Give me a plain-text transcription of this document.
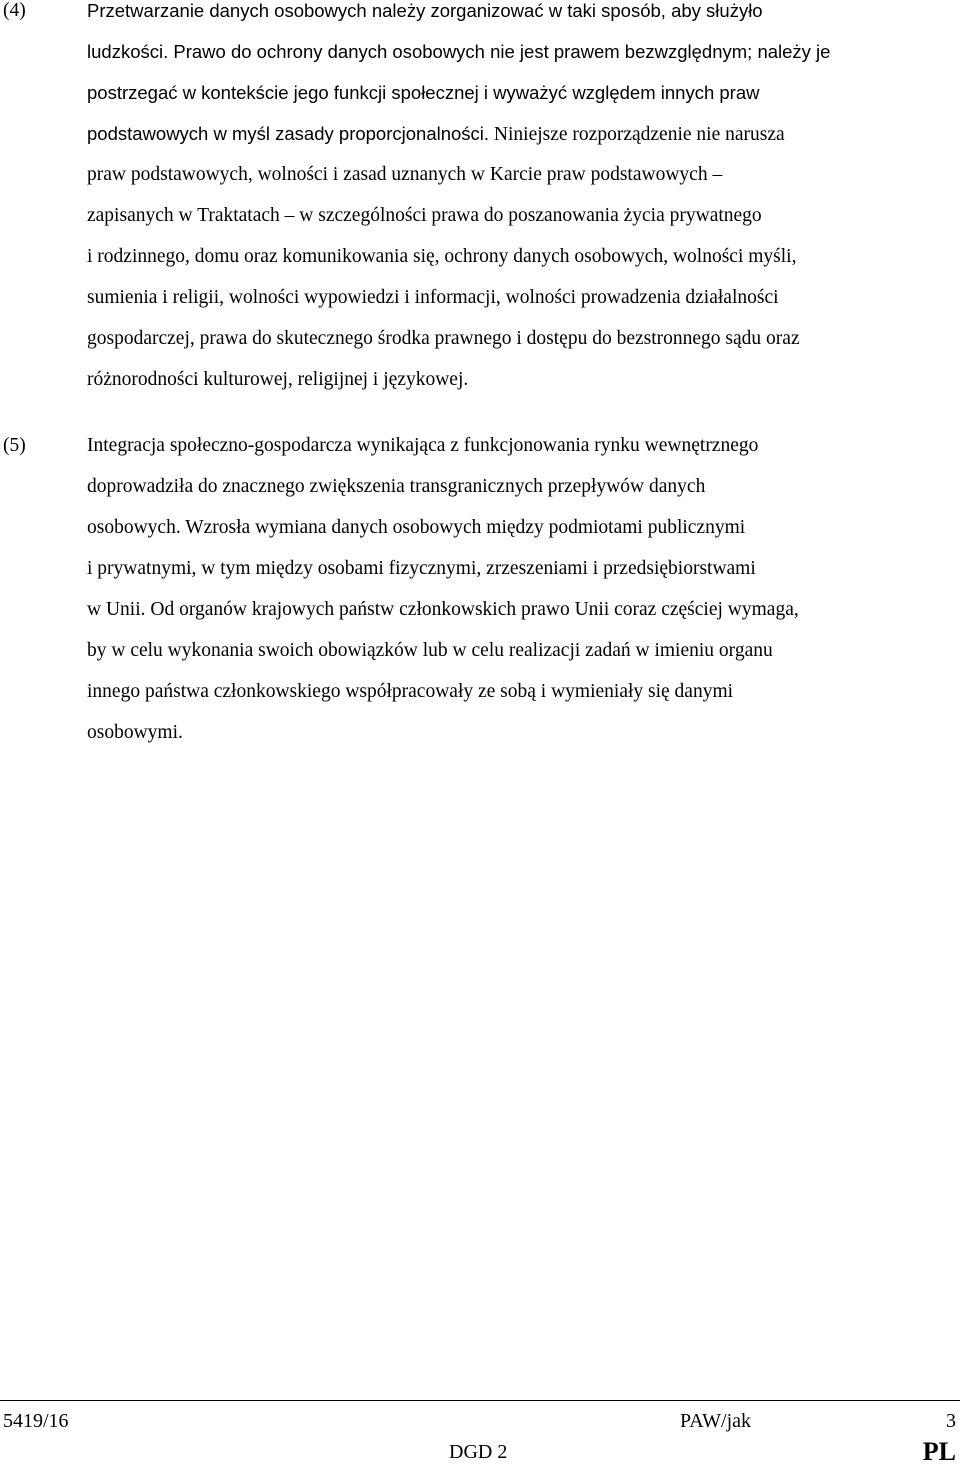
(4)	Przetwarzanie danych osobowych należy zorganizować w taki sposób, aby służyło
ludzkości. Prawo do ochrony danych osobowych nie jest prawem bezwzględnym; należy je
postrzegać w kontekście jego funkcji społecznej i wyważyć względem innych praw
podstawowych w myśl zasady proporcjonalności. Niniejsze rozporządzenie nie narusza
praw podstawowych, wolności i zasad uznanych w Karcie praw podstawowych –
zapisanych w Traktatach – w szczególności prawa do poszanowania życia prywatnego
i rodzinnego, domu oraz komunikowania się, ochrony danych osobowych, wolności myśli,
sumienia i religii, wolności wypowiedzi i informacji, wolności prowadzenia działalności
gospodarczej, prawa do skutecznego środka prawnego i dostępu do bezstronnego sądu oraz
różnorodności kulturowej, religijnej i językowej.
(5)	Integracja społeczno-gospodarcza wynikająca z funkcjonowania rynku wewnętrznego
doprowadziła do znacznego zwiększenia transgranicznych przepływów danych
osobowych. Wzrosła wymiana danych osobowych między podmiotami publicznymi
i prywatnymi, w tym między osobami fizycznymi, zrzeszeniami i przedsiębiorstwami
w Unii. Od organów krajowych państw członkowskich prawo Unii coraz częściej wymaga,
by w celu wykonania swoich obowiązków lub w celu realizacji zadań w imieniu organu
innego państwa członkowskiego współpracowały ze sobą i wymieniały się danymi
osobowymi.
5419/16	PAW/jak	3
DGD 2	PL
